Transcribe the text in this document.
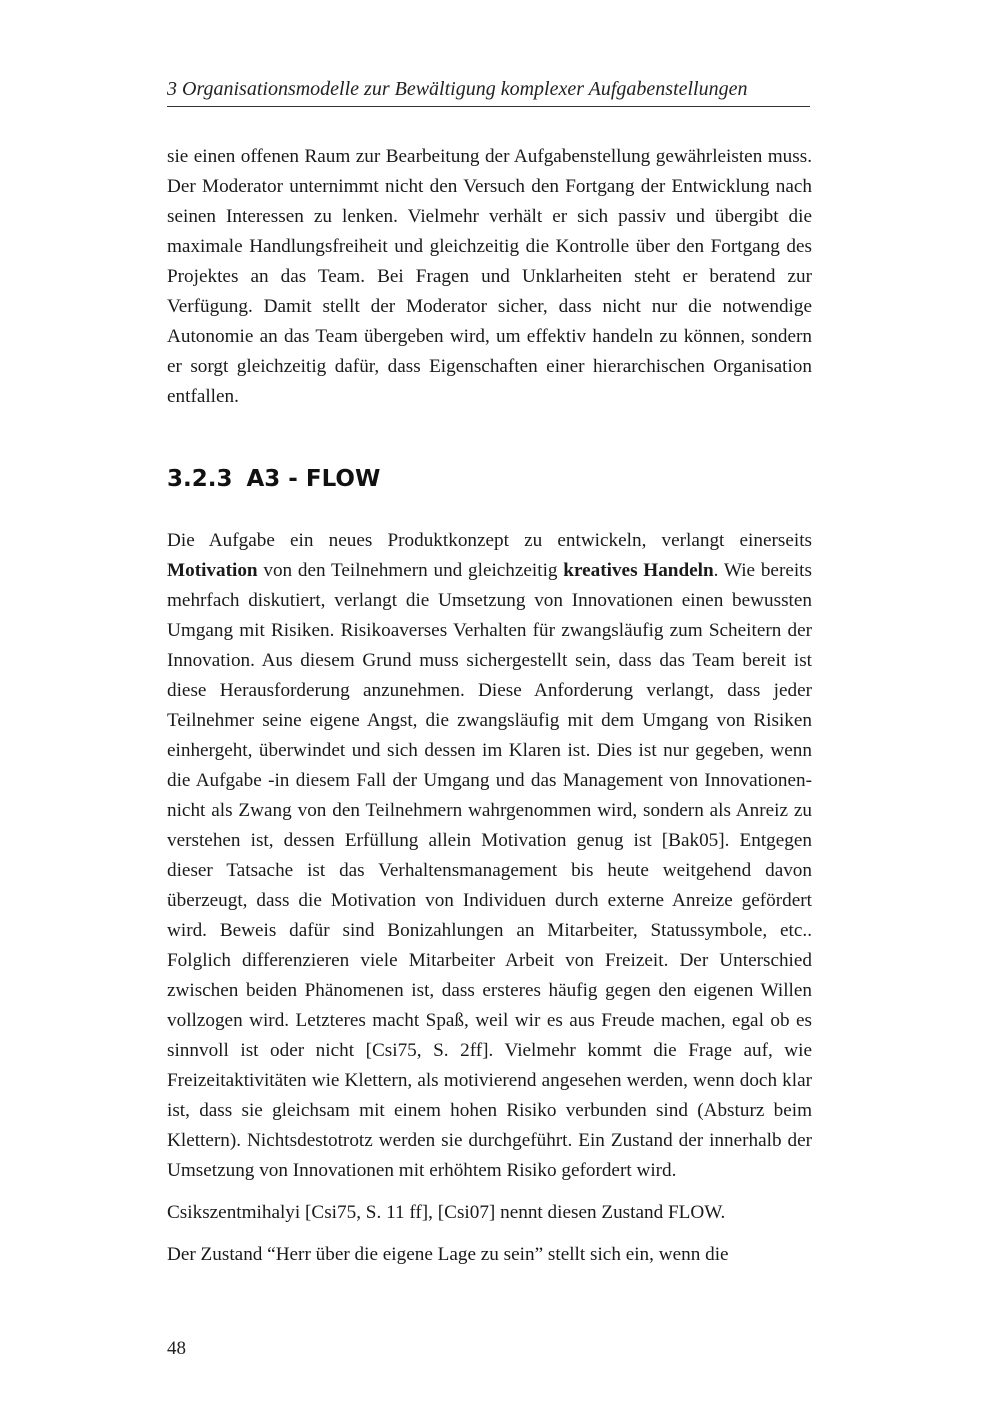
3 Organisationsmodelle zur Bewältigung komplexer Aufgabenstellungen

sie einen offenen Raum zur Bearbeitung der Aufgabenstellung gewährleisten muss. Der Moderator unternimmt nicht den Versuch den Fortgang der Entwicklung nach seinen Interessen zu lenken. Vielmehr verhält er sich passiv und übergibt die maximale Handlungsfreiheit und gleichzeitig die Kontrolle über den Fortgang des Projektes an das Team. Bei Fragen und Unklarheiten steht er beratend zur Verfügung. Damit stellt der Moderator sicher, dass nicht nur die notwendige Autonomie an das Team übergeben wird, um effektiv handeln zu können, sondern er sorgt gleichzeitig dafür, dass Eigenschaften einer hierarchischen Organisation entfallen.

3.2.3 A3 - FLOW

Die Aufgabe ein neues Produktkonzept zu entwickeln, verlangt einerseits Motivation von den Teilnehmern und gleichzeitig kreatives Handeln. Wie bereits mehrfach diskutiert, verlangt die Umsetzung von Innovationen einen bewussten Umgang mit Risiken. Risikoaverses Verhalten für zwangsläufig zum Scheitern der Innovation. Aus diesem Grund muss sichergestellt sein, dass das Team bereit ist diese Herausforderung anzunehmen. Diese Anforderung verlangt, dass jeder Teilnehmer seine eigene Angst, die zwangsläufig mit dem Umgang von Risiken einhergeht, überwindet und sich dessen im Klaren ist. Dies ist nur gegeben, wenn die Aufgabe -in diesem Fall der Umgang und das Management von Innovationen- nicht als Zwang von den Teilnehmern wahrgenommen wird, sondern als Anreiz zu verstehen ist, dessen Erfüllung allein Motivation genug ist [Bak05]. Entgegen dieser Tatsache ist das Verhaltensmanagement bis heute weitgehend davon überzeugt, dass die Motivation von Individuen durch externe Anreize gefördert wird. Beweis dafür sind Bonizahlungen an Mitarbeiter, Statussymbole, etc.. Folglich differenzieren viele Mitarbeiter Arbeit von Freizeit. Der Unterschied zwischen beiden Phänomenen ist, dass ersteres häufig gegen den eigenen Willen vollzogen wird. Letzteres macht Spaß, weil wir es aus Freude machen, egal ob es sinnvoll ist oder nicht [Csi75, S. 2ff]. Vielmehr kommt die Frage auf, wie Freizeitaktivitäten wie Klettern, als motivierend angesehen werden, wenn doch klar ist, dass sie gleichsam mit einem hohen Risiko verbunden sind (Absturz beim Klettern). Nichtsdestotrotz werden sie durchgeführt. Ein Zustand der innerhalb der Umsetzung von Innovationen mit erhöhtem Risiko gefordert wird.

Csikszentmihalyi [Csi75, S. 11 ff], [Csi07] nennt diesen Zustand FLOW.

Der Zustand “Herr über die eigene Lage zu sein” stellt sich ein, wenn die

48
